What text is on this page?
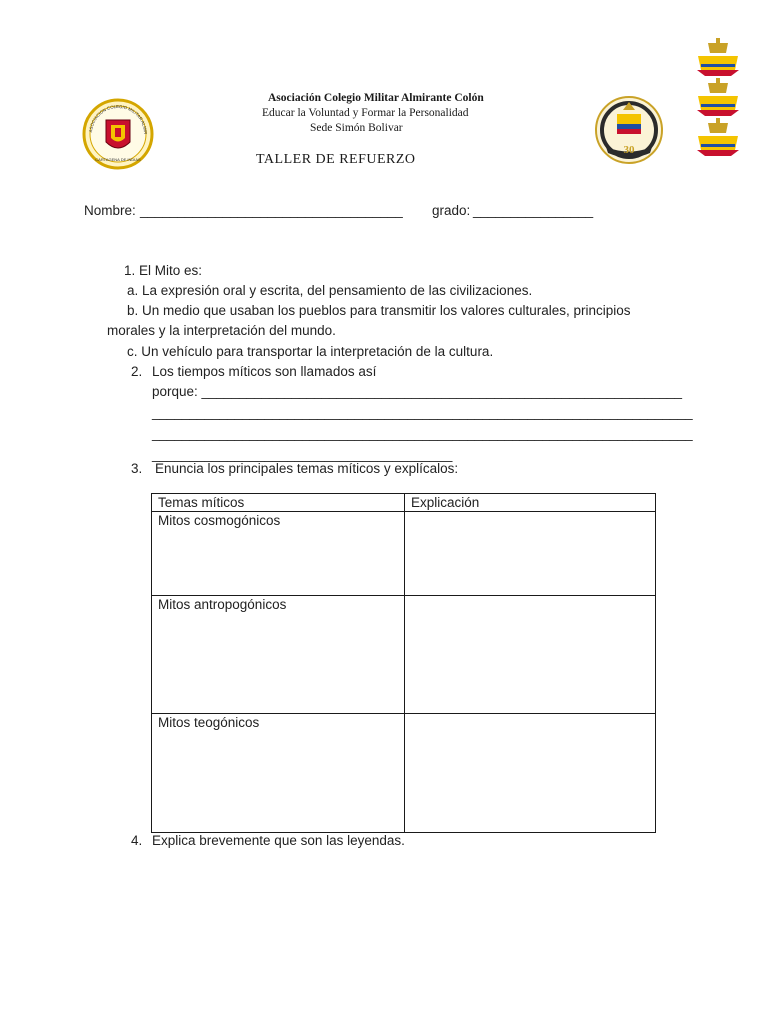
ASOCIACION COLEGIO MILITAR ALMIR
CARTAGENA DE INDIAS
30
Asociación Colegio Militar Almirante Colón
Educar la Voluntad y Formar la Personalidad
Sede Simón Bolivar
TALLER DE REFUERZO
Nombre: ___________________________________ grado: ________________
1. El Mito es:
a. La expresión oral y escrita, del pensamiento de las civilizaciones.
b. Un medio que usaban los pueblos para transmitir los valores culturales, principios
morales y la interpretación del mundo.
c. Un vehículo para transportar la interpretación de la cultura.
2. Los tiempos míticos son llamados así
porque: ________________________________________________________________
________________________________________________________________________
________________________________________________________________________
________________________________________
3. Enuncia los principales temas míticos y explícalos:
Temas míticos	Explicación
Mitos cosmogónicos	
Mitos antropogónicos	
Mitos teogónicos	
4. Explica brevemente que son las leyendas.
